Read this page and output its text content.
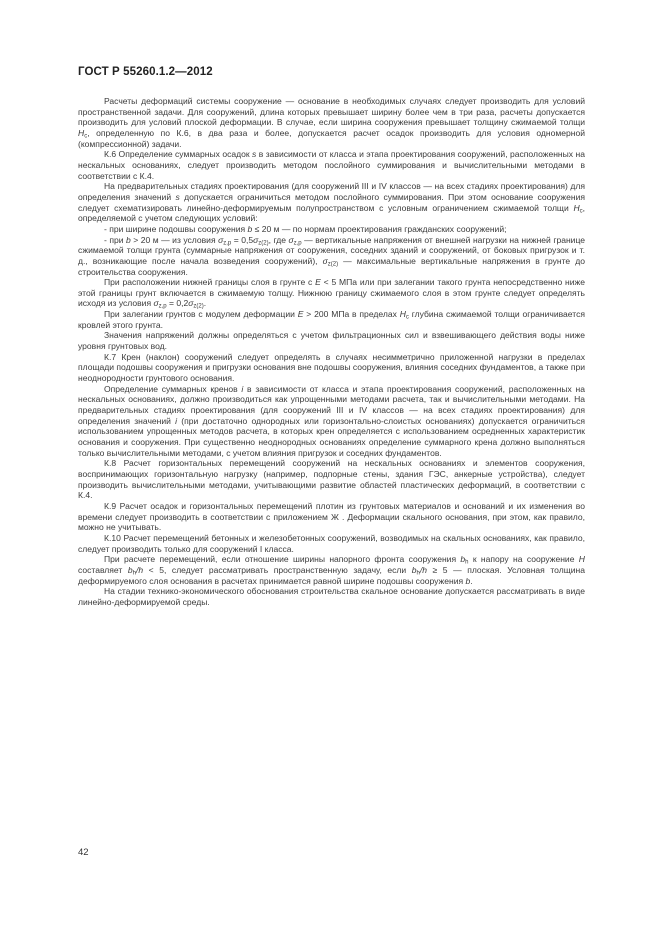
ГОСТ Р 55260.1.2—2012

Расчеты деформаций системы сооружение — основание в необходимых случаях следует производить для условий пространственной задачи. Для сооружений, длина которых превышает ширину более чем в три раза, расчеты допускается производить для условий плоской деформации. В случае, если ширина сооружения превышает толщину сжимаемой толщи $H_c$, определенную по К.6, в два раза и более, допускается расчет осадок производить для условия одномерной (компрессионной) задачи.

К.6 Определение суммарных осадок s в зависимости от класса и этапа проектирования сооружений, расположенных на нескальных основаниях, следует производить методом послойного суммирования и вычислительными методами в соответствии с К.4.

На предварительных стадиях проектирования (для сооружений III и IV классов — на всех стадиях проектирования) для определения значений s допускается ограничиться методом послойного суммирования. При этом основание сооружения следует схематизировать линейно-деформируемым полупространством с условным ограничением сжимаемой толщи $H_c$, определяемой с учетом следующих условий:

- при ширине подошвы сооружения b ≤ 20 м — по нормам проектирования гражданских сооружений;

- при b > 20 м — из условия $\sigma_{z,p} = 0,5\sigma_{z(2)}$, где $\sigma_{z,p}$ — вертикальные напряжения от внешней нагрузки на нижней границе сжимаемой толщи грунта (суммарные напряжения от сооружения, соседних зданий и сооружений, от боковых пригрузок и т. д., возникающие после начала возведения сооружений), $\sigma_{z(2)}$ — максимальные вертикальные напряжения в грунте до строительства сооружения.

При расположении нижней границы слоя в грунте с E < 5 МПа или при залегании такого грунта непосредственно ниже этой границы грунт включается в сжимаемую толщу. Нижнюю границу сжимаемого слоя в этом грунте следует определять исходя из условия $\sigma_{z,p} = 0,2\sigma_{z(2)}$.

При залегании грунтов с модулем деформации E > 200 МПа в пределах $H_c$ глубина сжимаемой толщи ограничивается кровлей этого грунта.

Значения напряжений должны определяться с учетом фильтрационных сил и взвешивающего действия воды ниже уровня грунтовых вод.

К.7 Крен (наклон) сооружений следует определять в случаях несимметрично приложенной нагрузки в пределах площади подошвы сооружения и пригрузки основания вне подошвы сооружения, влияния соседних фундаментов, а также при неоднородности грунтового основания.

Определение суммарных кренов i в зависимости от класса и этапа проектирования сооружений, расположенных на нескальных основаниях, должно производиться как упрощенными методами расчета, так и вычислительными методами. На предварительных стадиях проектирования (для сооружений III и IV классов — на всех стадиях проектирования) для определения значений i (при достаточно однородных или горизонтально-слоистых основаниях) допускается ограничиться использованием упрощенных методов расчета, в которых крен определяется с использованием осредненных характеристик основания и сооружения. При существенно неоднородных основаниях определение суммарного крена должно выполняться только вычислительными методами, с учетом влияния пригрузок и соседних фундаментов.

К.8 Расчет горизонтальных перемещений сооружений на нескальных основаниях и элементов сооружения, воспринимающих горизонтальную нагрузку (например, подпорные стены, здания ГЭС, анкерные устройства), следует производить вычислительными методами, учитывающими развитие областей пластических деформаций, в соответствии с К.4.

К.9 Расчет осадок и горизонтальных перемещений плотин из грунтовых материалов и оснований и их изменения во времени следует производить в соответствии с приложением Ж . Деформации скального основания, при этом, как правило, можно не учитывать.

К.10 Расчет перемещений бетонных и железобетонных сооружений, возводимых на скальных основаниях, как правило, следует производить только для сооружений I класса.

При расчете перемещений, если отношение ширины напорного фронта сооружения $b_h$ к напору на сооружение H составляет $b_h/h < 5$, следует рассматривать пространственную задачу, если $b_h/h \ge 5$ — плоская. Условная толщина деформируемого слоя основания в расчетах принимается равной ширине подошвы сооружения b.

На стадии технико-экономического обоснования строительства скальное основание допускается рассматривать в виде линейно-деформируемой среды.

42
